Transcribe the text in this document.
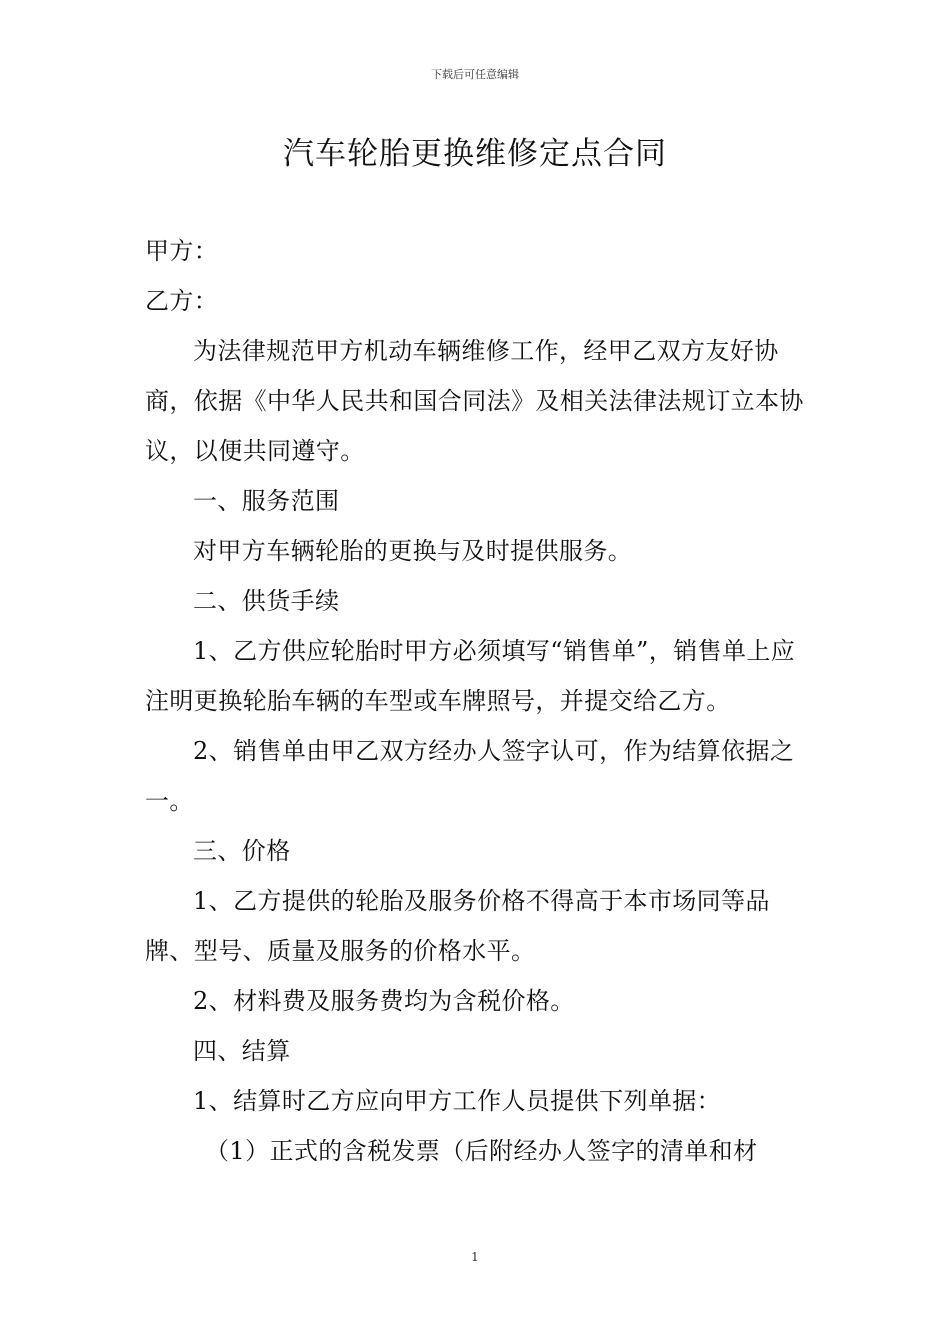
下载后可任意编辑
汽车轮胎更换维修定点合同

甲方：

乙方：

为法律规范甲方机动车辆维修工作，经甲乙双方友好协商，依据《中华人民共和国合同法》及相关法律法规订立本协议，以便共同遵守。

一、服务范围

对甲方车辆轮胎的更换与及时提供服务。

二、供货手续

1、乙方供应轮胎时甲方必须填写“销售单”，销售单上应注明更换轮胎车辆的车型或车牌照号，并提交给乙方。

2、销售单由甲乙双方经办人签字认可，作为结算依据之一。

三、价格

1、乙方提供的轮胎及服务价格不得高于本市场同等品牌、型号、质量及服务的价格水平。

2、材料费及服务费均为含税价格。

四、结算

1、结算时乙方应向甲方工作人员提供下列单据：

（1）正式的含税发票（后附经办人签字的清单和材

1
